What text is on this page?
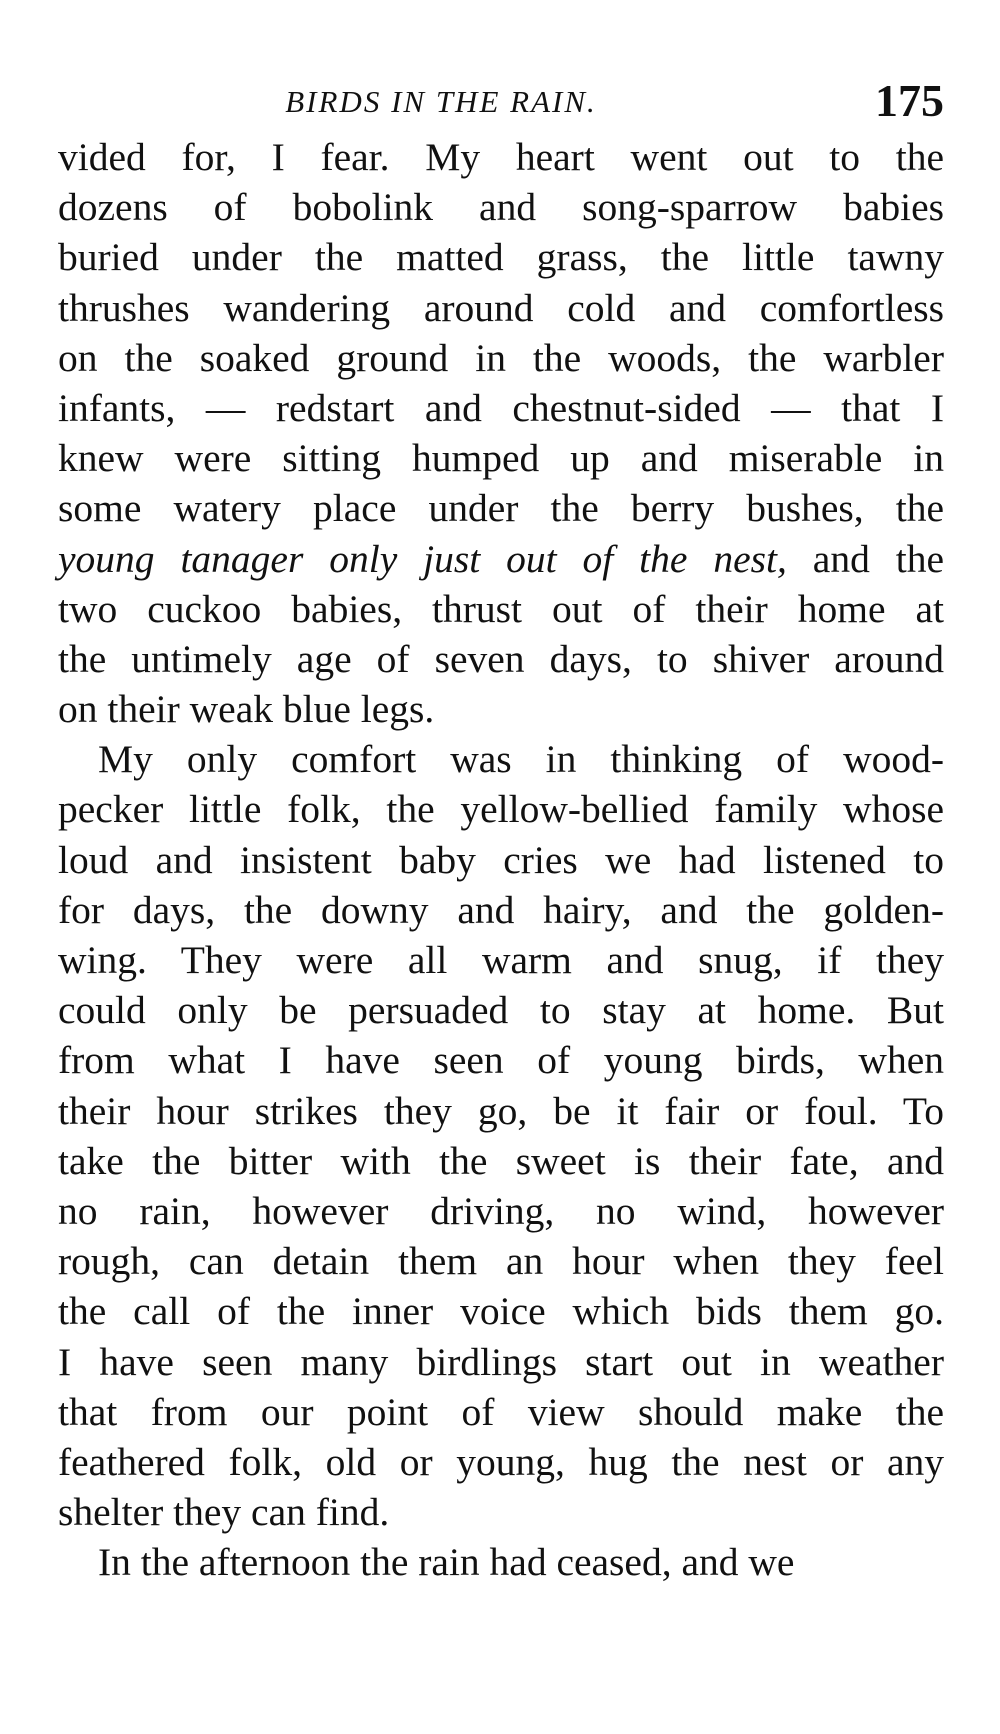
BIRDS IN THE RAIN.	175
vided for, I fear. My heart went out to the
dozens of bobolink and song-sparrow babies
buried under the matted grass, the little tawny
thrushes wandering around cold and comfortless
on the soaked ground in the woods, the warbler
infants, — redstart and chestnut-sided — that I
knew were sitting humped up and miserable in
some watery place under the berry bushes, the
young tanager only just out of the nest, and the
two cuckoo babies, thrust out of their home at
the untimely age of seven days, to shiver around
on their weak blue legs.
My only comfort was in thinking of wood-
pecker little folk, the yellow-bellied family whose
loud and insistent baby cries we had listened to
for days, the downy and hairy, and the golden-
wing. They were all warm and snug, if they
could only be persuaded to stay at home. But
from what I have seen of young birds, when
their hour strikes they go, be it fair or foul. To
take the bitter with the sweet is their fate, and
no rain, however driving, no wind, however
rough, can detain them an hour when they feel
the call of the inner voice which bids them go.
I have seen many birdlings start out in weather
that from our point of view should make the
feathered folk, old or young, hug the nest or any
shelter they can find.
In the afternoon the rain had ceased, and we
